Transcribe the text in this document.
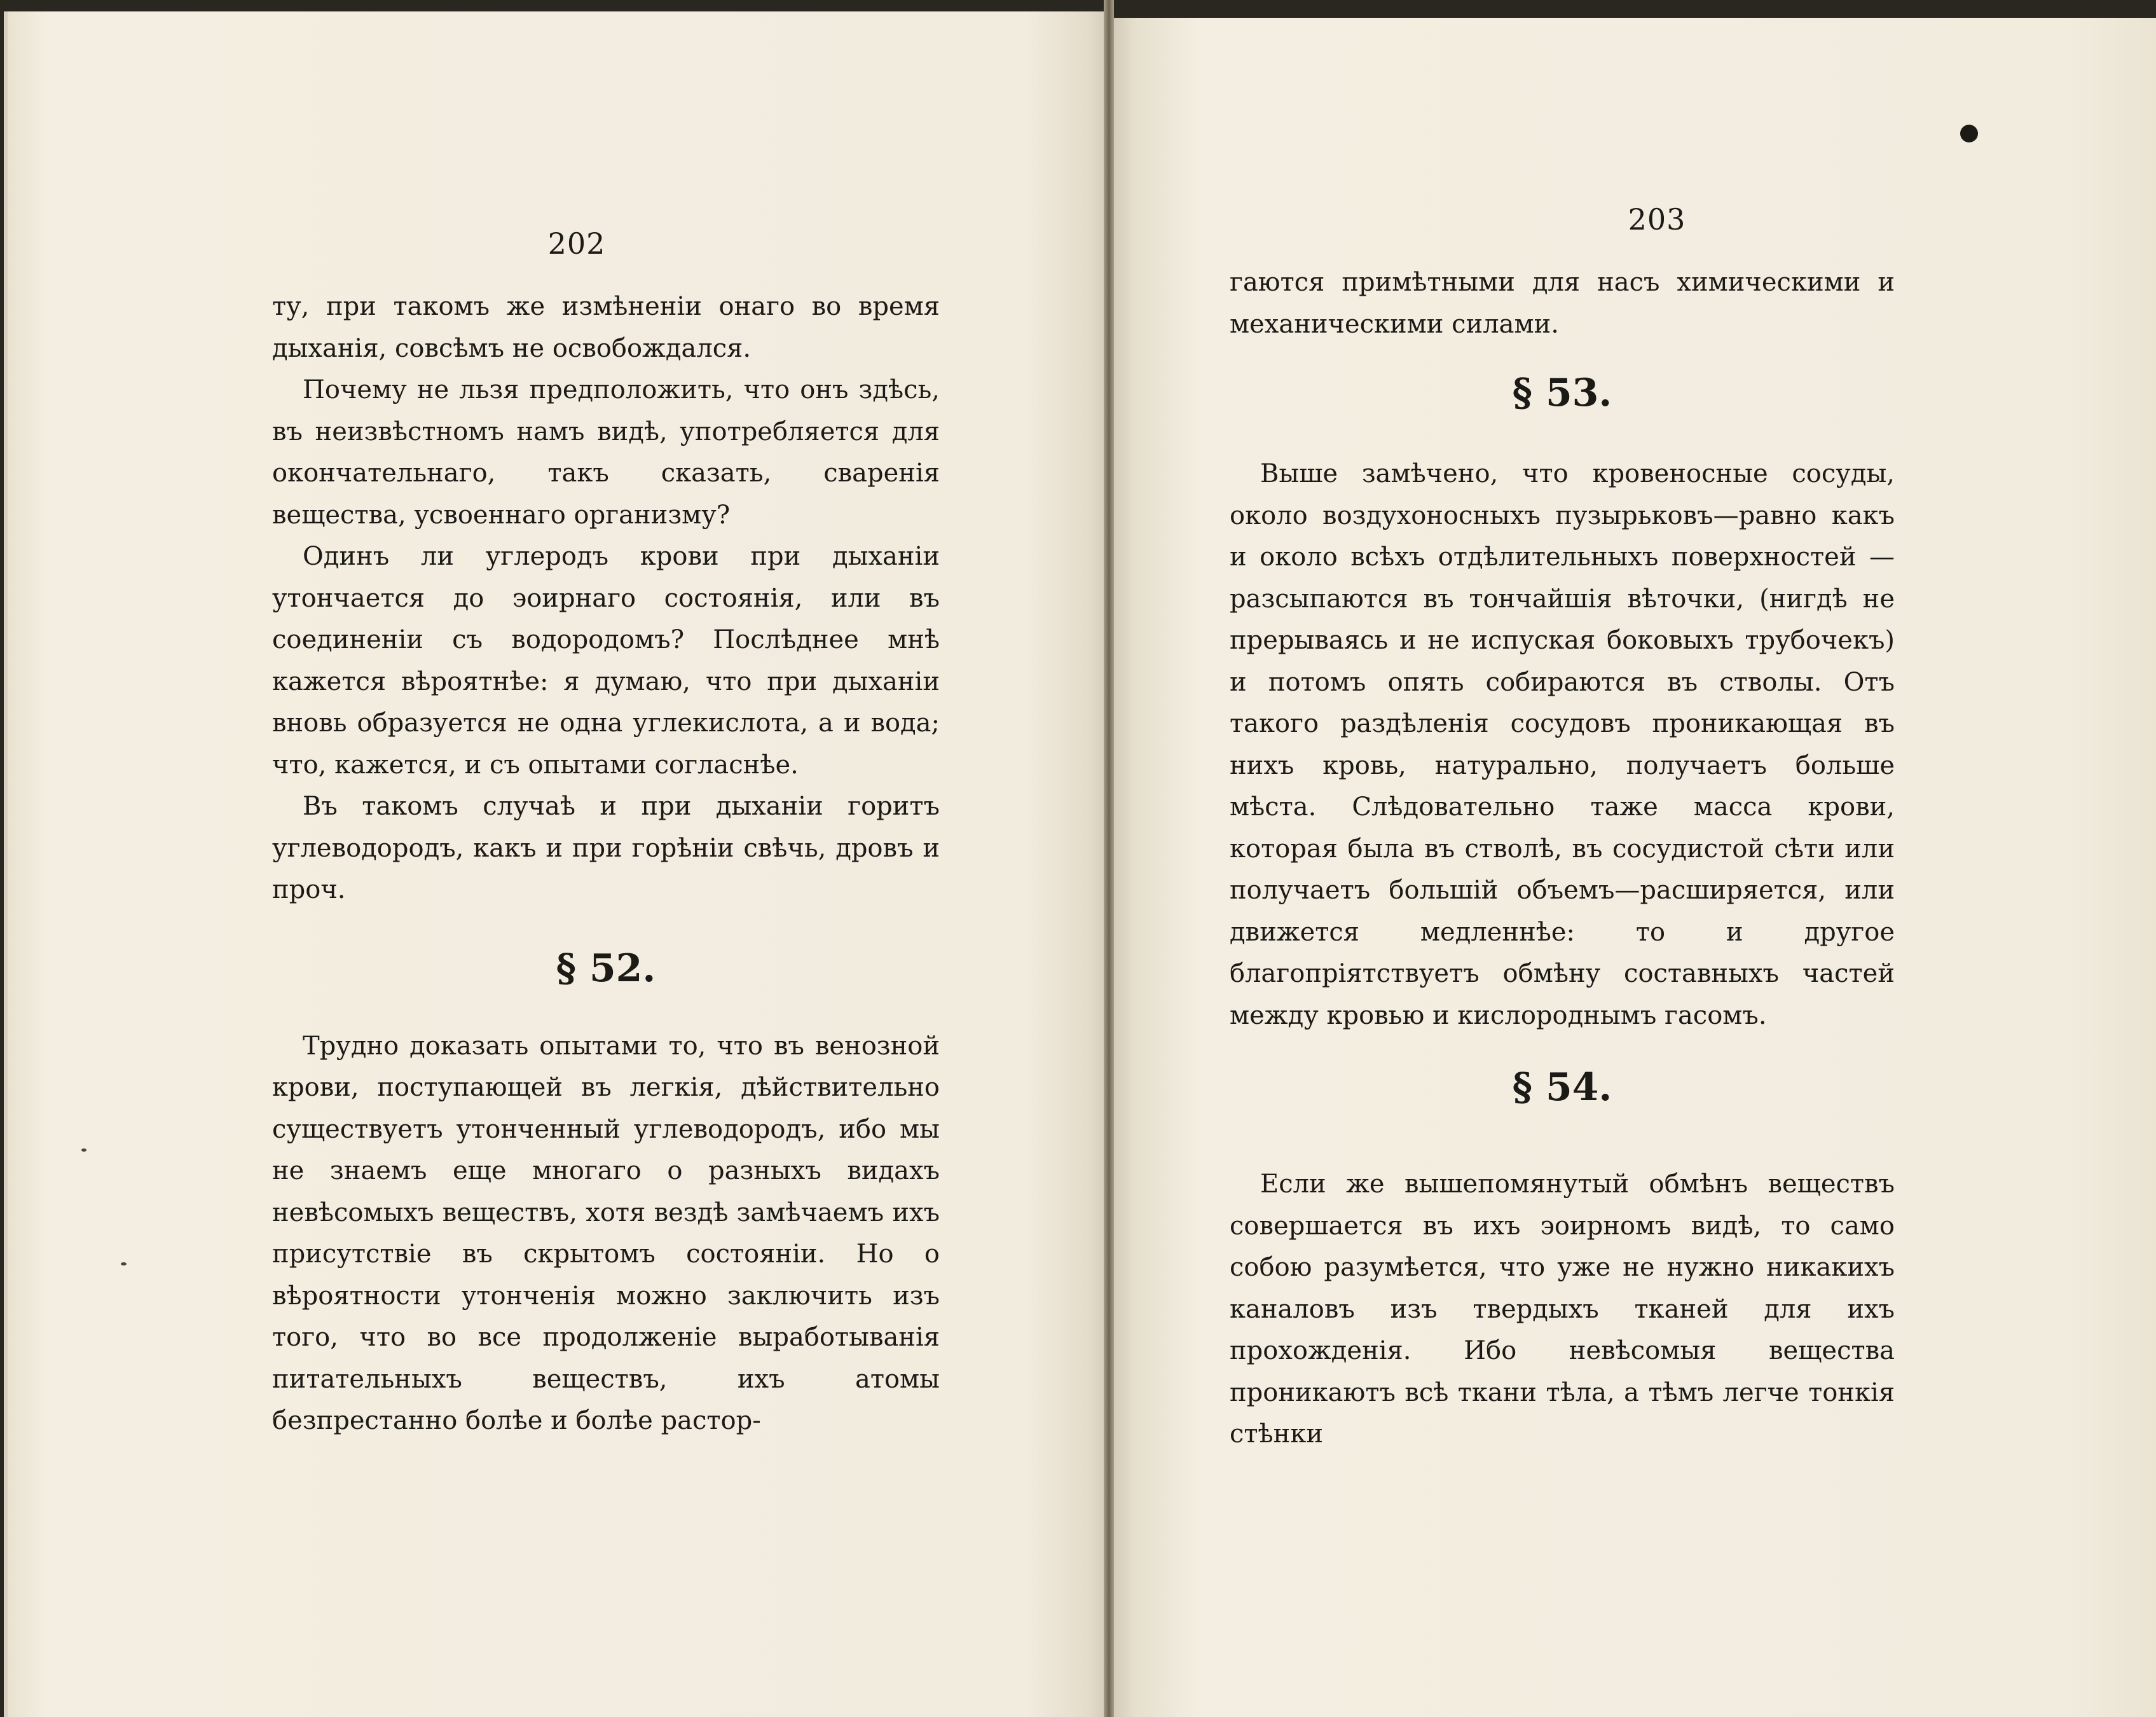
202

ту, при такомъ же измѣненіи онаго во время дыханія, совсѣмъ не освобождался.

Почему не льзя предположить, что онъ здѣсь, въ неизвѣстномъ намъ видѣ, употребляется для окончательнаго, такъ сказать, сваренія вещества, усвоеннаго организму?

Одинъ ли углеродъ крови при дыханіи утончается до эоирнаго состоянія, или въ соединеніи съ водородомъ? Послѣднее мнѣ кажется вѣроятнѣе: я думаю, что при дыханіи вновь образуется не одна углекислота, а и вода; что, кажется, и съ опытами согласнѣе.

Въ такомъ случаѣ и при дыханіи горитъ углеводородъ, какъ и при горѣніи свѣчь, дровъ и проч.

§ 52.

Трудно доказать опытами то, что въ венозной крови, поступающей въ легкія, дѣйствительно существуетъ утонченный углеводородъ, ибо мы не знаемъ еще многаго о разныхъ видахъ невѣсомыхъ веществъ, хотя вездѣ замѣчаемъ ихъ присутствіе въ скрытомъ состояніи. Но о вѣроятности утонченія можно заключить изъ того, что во все продолженіе выработыванія питательныхъ веществъ, ихъ атомы безпрестанно болѣе и болѣе растор-

203

гаются примѣтными для насъ химическими и механическими силами.

§ 53.

Выше замѣчено, что кровеносные сосуды, около воздухоносныхъ пузырьковъ—равно какъ и около всѣхъ отдѣлительныхъ поверхностей —разсыпаются въ тончайшія вѣточки, (нигдѣ не прерываясь и не испуская боковыхъ трубочекъ) и потомъ опять собираются въ стволы. Отъ такого раздѣленія сосудовъ проникающая въ нихъ кровь, натурально, получаетъ больше мѣста. Слѣдовательно таже масса крови, которая была въ стволѣ, въ сосудистой сѣти или получаетъ большій объемъ—расширяется, или движется медленнѣе: то и другое благопріятствуетъ обмѣну составныхъ частей между кровью и кислороднымъ гасомъ.

§ 54.

Если же вышепомянутый обмѣнъ веществъ совершается въ ихъ эоирномъ видѣ, то само собою разумѣется, что уже не нужно никакихъ каналовъ изъ твердыхъ тканей для ихъ прохожденія. Ибо невѣсомыя вещества проникаютъ всѣ ткани тѣла, а тѣмъ легче тонкія стѣнки
